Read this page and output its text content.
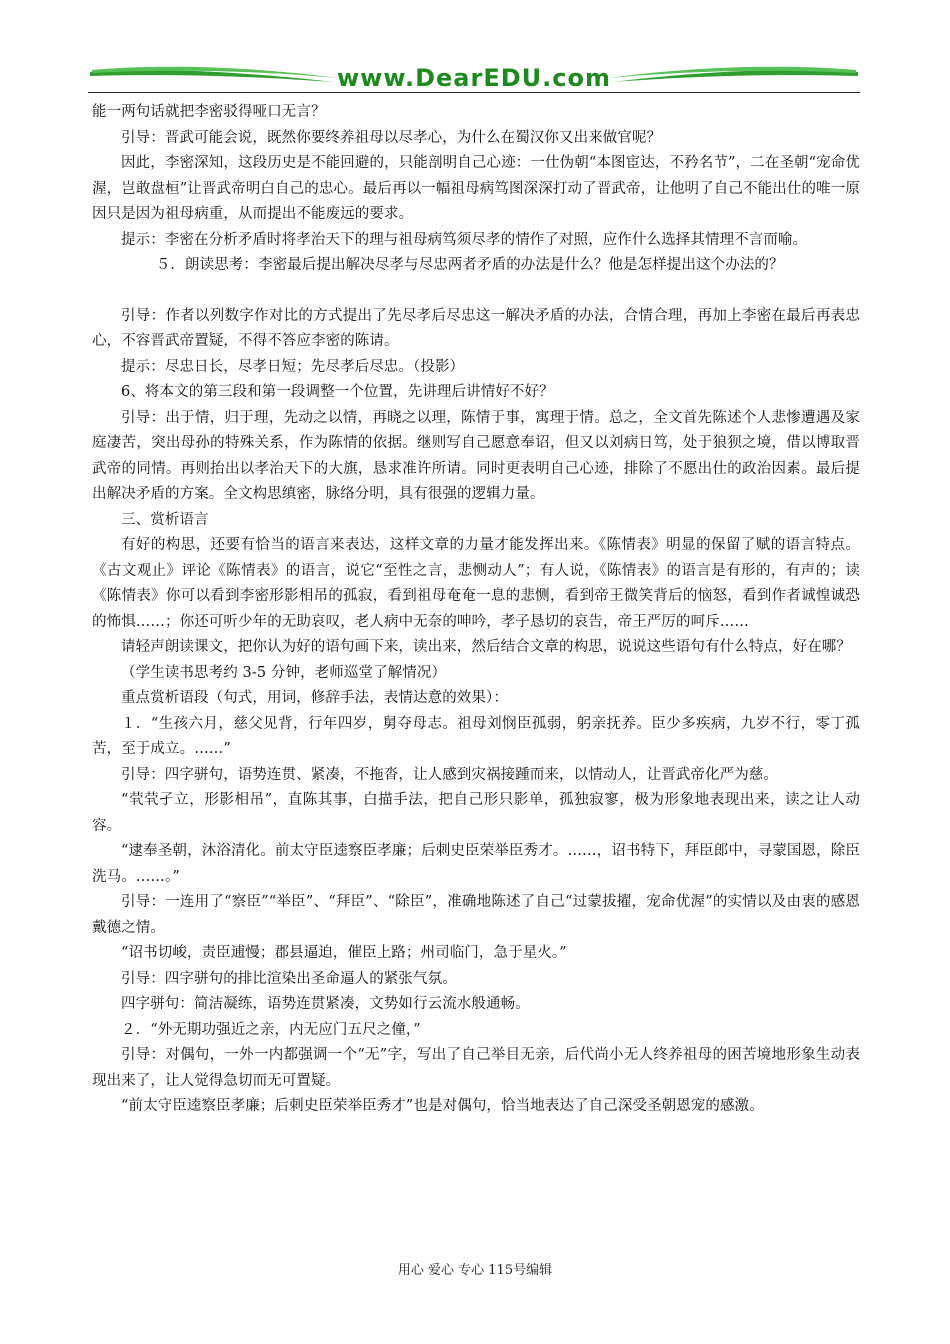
www.DearEDU.com

能一两句话就把李密驳得哑口无言？

引导：晋武可能会说，既然你要终养祖母以尽孝心，为什么在蜀汉你又出来做官呢？

因此，李密深知，这段历史是不能回避的，只能剖明自己心迹：一仕伪朝“本图宦达，不矜名节”，二在圣朝“宠命优渥，岂敢盘桓”让晋武帝明白自己的忠心。最后再以一幅祖母病笃图深深打动了晋武帝，让他明了自己不能出仕的唯一原因只是因为祖母病重，从而提出不能废远的要求。

提示：李密在分析矛盾时将孝治天下的理与祖母病笃须尽孝的情作了对照，应作什么选择其情理不言而喻。

５．朗读思考：李密最后提出解决尽孝与尽忠两者矛盾的办法是什么？他是怎样提出这个办法的？

引导：作者以列数字作对比的方式提出了先尽孝后尽忠这一解决矛盾的办法，合情合理，再加上李密在最后再表忠心，不容晋武帝置疑，不得不答应李密的陈请。

提示：尽忠日长，尽孝日短；先尽孝后尽忠。（投影）

6、将本文的第三段和第一段调整一个位置，先讲理后讲情好不好？

引导：出于情，归于理，先动之以情，再晓之以理，陈情于事，寓理于情。总之，全文首先陈述个人悲惨遭遇及家庭凄苦，突出母孙的特殊关系，作为陈情的依据。继则写自己愿意奉诏，但又以刘病日笃，处于狼狈之境，借以博取晋武帝的同情。再则抬出以孝治天下的大旗，恳求准许所请。同时更表明自己心迹，排除了不愿出仕的政治因素。最后提出解决矛盾的方案。全文构思缜密，脉络分明，具有很强的逻辑力量。

三、赏析语言

有好的构思，还要有恰当的语言来表达，这样文章的力量才能发挥出来。《陈情表》明显的保留了赋的语言特点。《古文观止》评论《陈情表》的语言，说它“至性之言，悲恻动人”；有人说，《陈情表》的语言是有形的，有声的；读《陈情表》你可以看到李密形影相吊的孤寂，看到祖母奄奄一息的悲恻，看到帝王微笑背后的恼怒，看到作者诚惶诚恐的怖惧……；你还可听少年的无助哀叹，老人病中无奈的呻吟，孝子恳切的哀告，帝王严厉的呵斥……

请轻声朗读课文，把你认为好的语句画下来，读出来，然后结合文章的构思，说说这些语句有什么特点，好在哪？

（学生读书思考约 3-5 分钟，老师巡堂了解情况）

重点赏析语段（句式，用词，修辞手法，表情达意的效果）：

１．“生孩六月，慈父见背，行年四岁，舅夺母志。祖母刘悯臣孤弱，躬亲抚养。臣少多疾病，九岁不行，零丁孤苦，至于成立。……”

引导：四字骈句，语势连贯、紧凑，不拖沓，让人感到灾祸接踵而来，以情动人，让晋武帝化严为慈。

“茕茕孑立，形影相吊”，直陈其事，白描手法，把自己形只影单，孤独寂寥，极为形象地表现出来，读之让人动容。

“逮奉圣朝，沐浴清化。前太守臣逵察臣孝廉；后刺史臣荣举臣秀才。……，诏书特下，拜臣郎中，寻蒙国恩，除臣洗马。……。”

引导：一连用了“察臣”“举臣”、“拜臣”、“除臣”，准确地陈述了自己“过蒙拔擢，宠命优渥”的实情以及由衷的感恩戴德之情。

“诏书切峻，责臣逋慢；郡县逼迫，催臣上路；州司临门，急于星火。”

引导：四字骈句的排比渲染出圣命逼人的紧张气氛。

四字骈句：简洁凝练，语势连贯紧凑，文势如行云流水般通畅。

２．“外无期功强近之亲，内无应门五尺之僮，”

引导：对偶句，一外一内都强调一个“无”字，写出了自己举目无亲，后代尚小无人终养祖母的困苦境地形象生动表现出来了，让人觉得急切而无可置疑。

“前太守臣逵察臣孝廉；后刺史臣荣举臣秀才”也是对偶句，恰当地表达了自己深受圣朝恩宠的感激。

用心 爱心 专心 115号编辑
